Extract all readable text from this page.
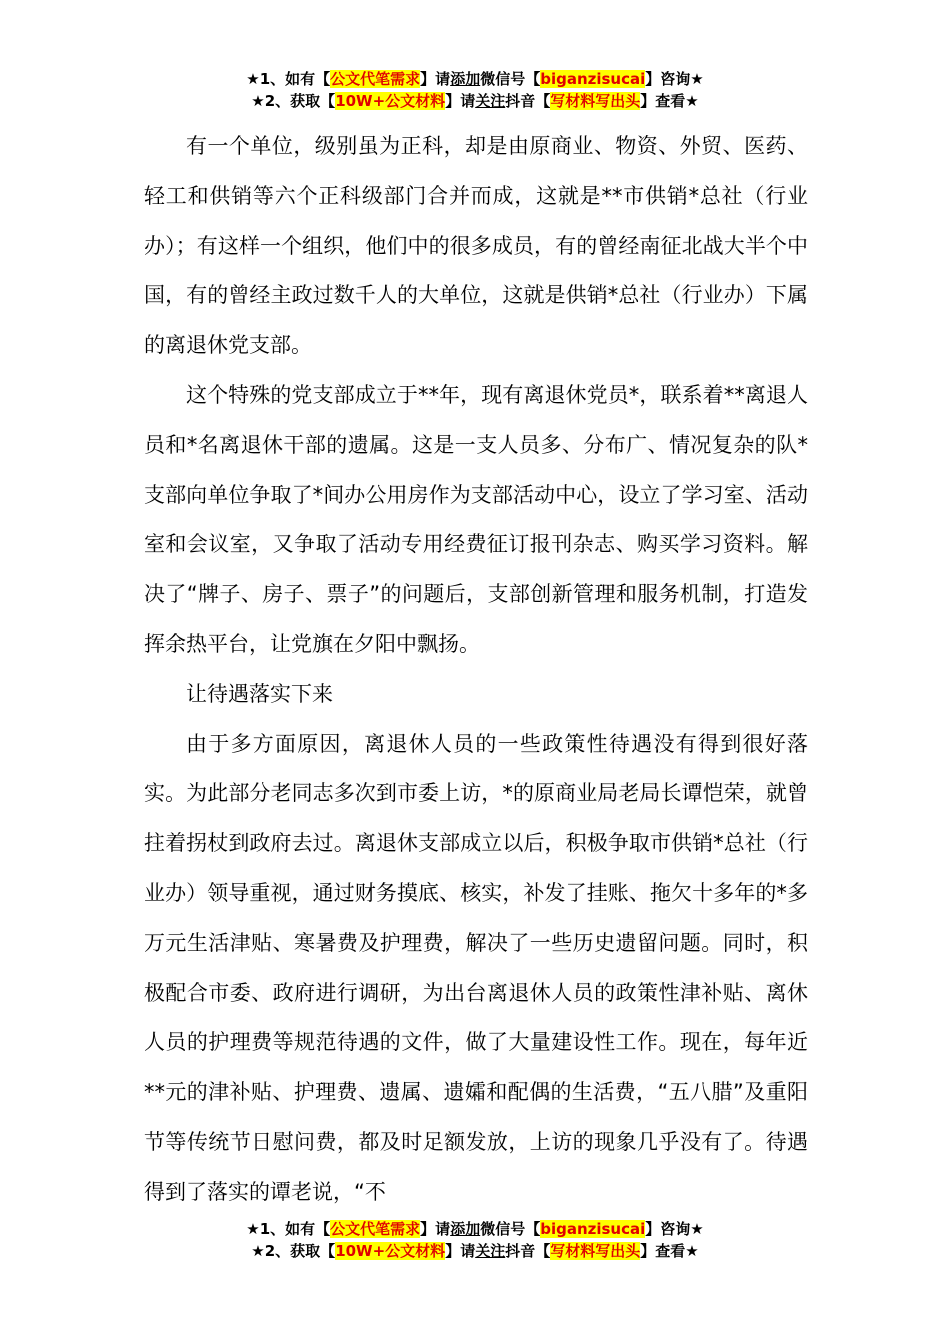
★1、如有【公文代笔需求】请添加微信号【biganzisucai】咨询★
★2、获取【10W+公文材料】请关注抖音【写材料写出头】查看★

有一个单位，级别虽为正科，却是由原商业、物资、外贸、医药、轻工和供销等六个正科级部门合并而成，这就是**市供销*总社（行业办）；有这样一个组织，他们中的很多成员，有的曾经南征北战大半个中国，有的曾经主政过数千人的大单位，这就是供销*总社（行业办）下属的离退休党支部。

这个特殊的党支部成立于**年，现有离退休党员*，联系着**离退人员和*名离退休干部的遗属。这是一支人员多、分布广、情况复杂的队*支部向单位争取了*间办公用房作为支部活动中心，设立了学习室、活动室和会议室，又争取了活动专用经费征订报刊杂志、购买学习资料。解决了“牌子、房子、票子”的问题后，支部创新管理和服务机制，打造发挥余热平台，让党旗在夕阳中飘扬。

让待遇落实下来

由于多方面原因，离退休人员的一些政策性待遇没有得到很好落实。为此部分老同志多次到市委上访，*的原商业局老局长谭恺荣，就曾拄着拐杖到政府去过。离退休支部成立以后，积极争取市供销*总社（行业办）领导重视，通过财务摸底、核实，补发了挂账、拖欠十多年的*多万元生活津贴、寒暑费及护理费，解决了一些历史遗留问题。同时，积极配合市委、政府进行调研，为出台离退休人员的政策性津补贴、离休人员的护理费等规范待遇的文件，做了大量建设性工作。现在，每年近**元的津补贴、护理费、遗属、遗孀和配偶的生活费，“五八腊”及重阳节等传统节日慰问费，都及时足额发放，上访的现象几乎没有了。待遇得到了落实的谭老说，“不

★1、如有【公文代笔需求】请添加微信号【biganzisucai】咨询★
★2、获取【10W+公文材料】请关注抖音【写材料写出头】查看★
